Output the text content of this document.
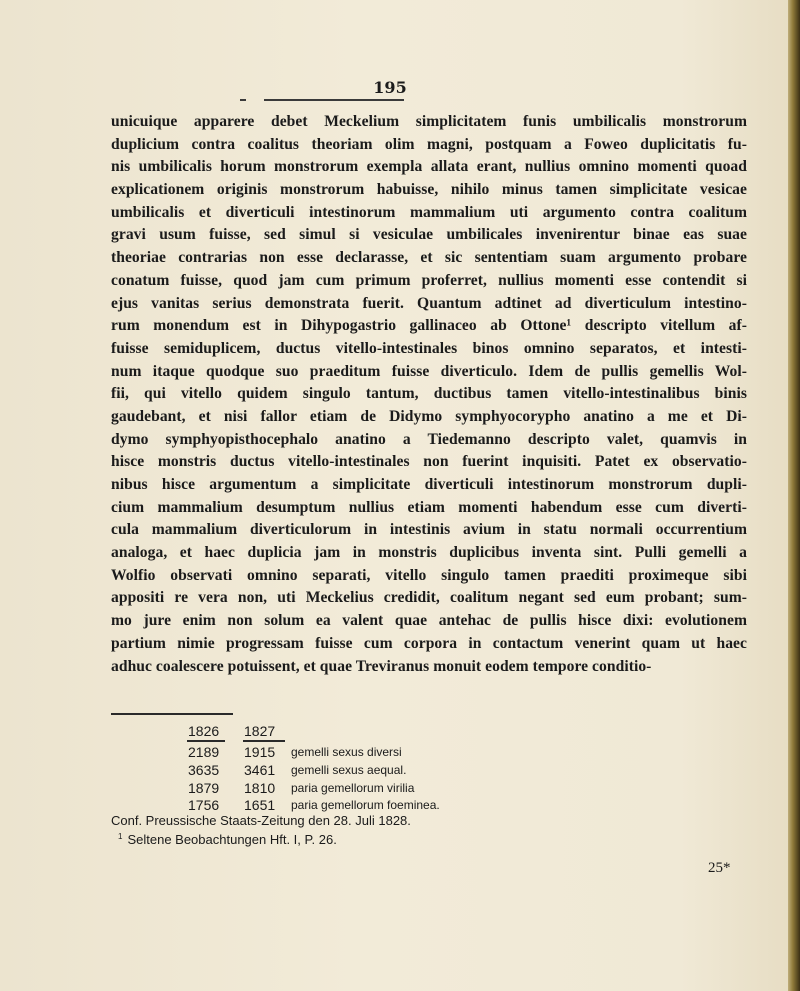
195
unicuique apparere debet Meckelium simplicitatem funis umbilicalis monstrorum
duplicium contra coalitus theoriam olim magni, postquam a Foweo duplicitatis fu-
nis umbilicalis horum monstrorum exempla allata erant, nullius omnino momenti quoad
explicationem originis monstrorum habuisse, nihilo minus tamen simplicitate vesicae
umbilicalis et diverticuli intestinorum mammalium uti argumento contra coalitum
gravi usum fuisse, sed simul si vesiculae umbilicales invenirentur binae eas suae
theoriae contrarias non esse declarasse, et sic sententiam suam argumento probare
conatum fuisse, quod jam cum primum proferret, nullius momenti esse contendit si
ejus vanitas serius demonstrata fuerit. Quantum adtinet ad diverticulum intestino-
rum monendum est in Dihypogastrio gallinaceo ab Ottone¹ descripto vitellum af-
fuisse semiduplicem, ductus vitello-intestinales binos omnino separatos, et intesti-
num itaque quodque suo praeditum fuisse diverticulo. Idem de pullis gemellis Wol-
fii, qui vitello quidem singulo tantum, ductibus tamen vitello-intestinalibus binis
gaudebant, et nisi fallor etiam de Didymo symphyocorypho anatino a me et Di-
dymo symphyopisthocephalo anatino a Tiedemanno descripto valet, quamvis in
hisce monstris ductus vitello-intestinales non fuerint inquisiti. Patet ex observatio-
nibus hisce argumentum a simplicitate diverticuli intestinorum monstrorum dupli-
cium mammalium desumptum nullius etiam momenti habendum esse cum diverti-
cula mammalium diverticulorum in intestinis avium in statu normali occurrentium
analoga, et haec duplicia jam in monstris duplicibus inventa sint. Pulli gemelli a
Wolfio observati omnino separati, vitello singulo tamen praediti proximeque sibi
appositi re vera non, uti Meckelius credidit, coalitum negant sed eum probant; sum-
mo jure enim non solum ea valent quae antehac de pullis hisce dixi: evolutionem
partium nimie progressam fuisse cum corpora in contactum venerint quam ut haec
adhuc coalescere potuissent, et quae Treviranus monuit eodem tempore conditio-
1826 1827
2189 1915 gemelli sexus diversi
3635 3461 gemelli sexus aequal.
1879 1810 paria gemellorum virilia
1756 1651 paria gemellorum foeminea.
Conf. Preussische Staats-Zeitung den 28. Juli 1828.
$^1$ Seltene Beobachtungen Hft. I, P. 26.
25*
